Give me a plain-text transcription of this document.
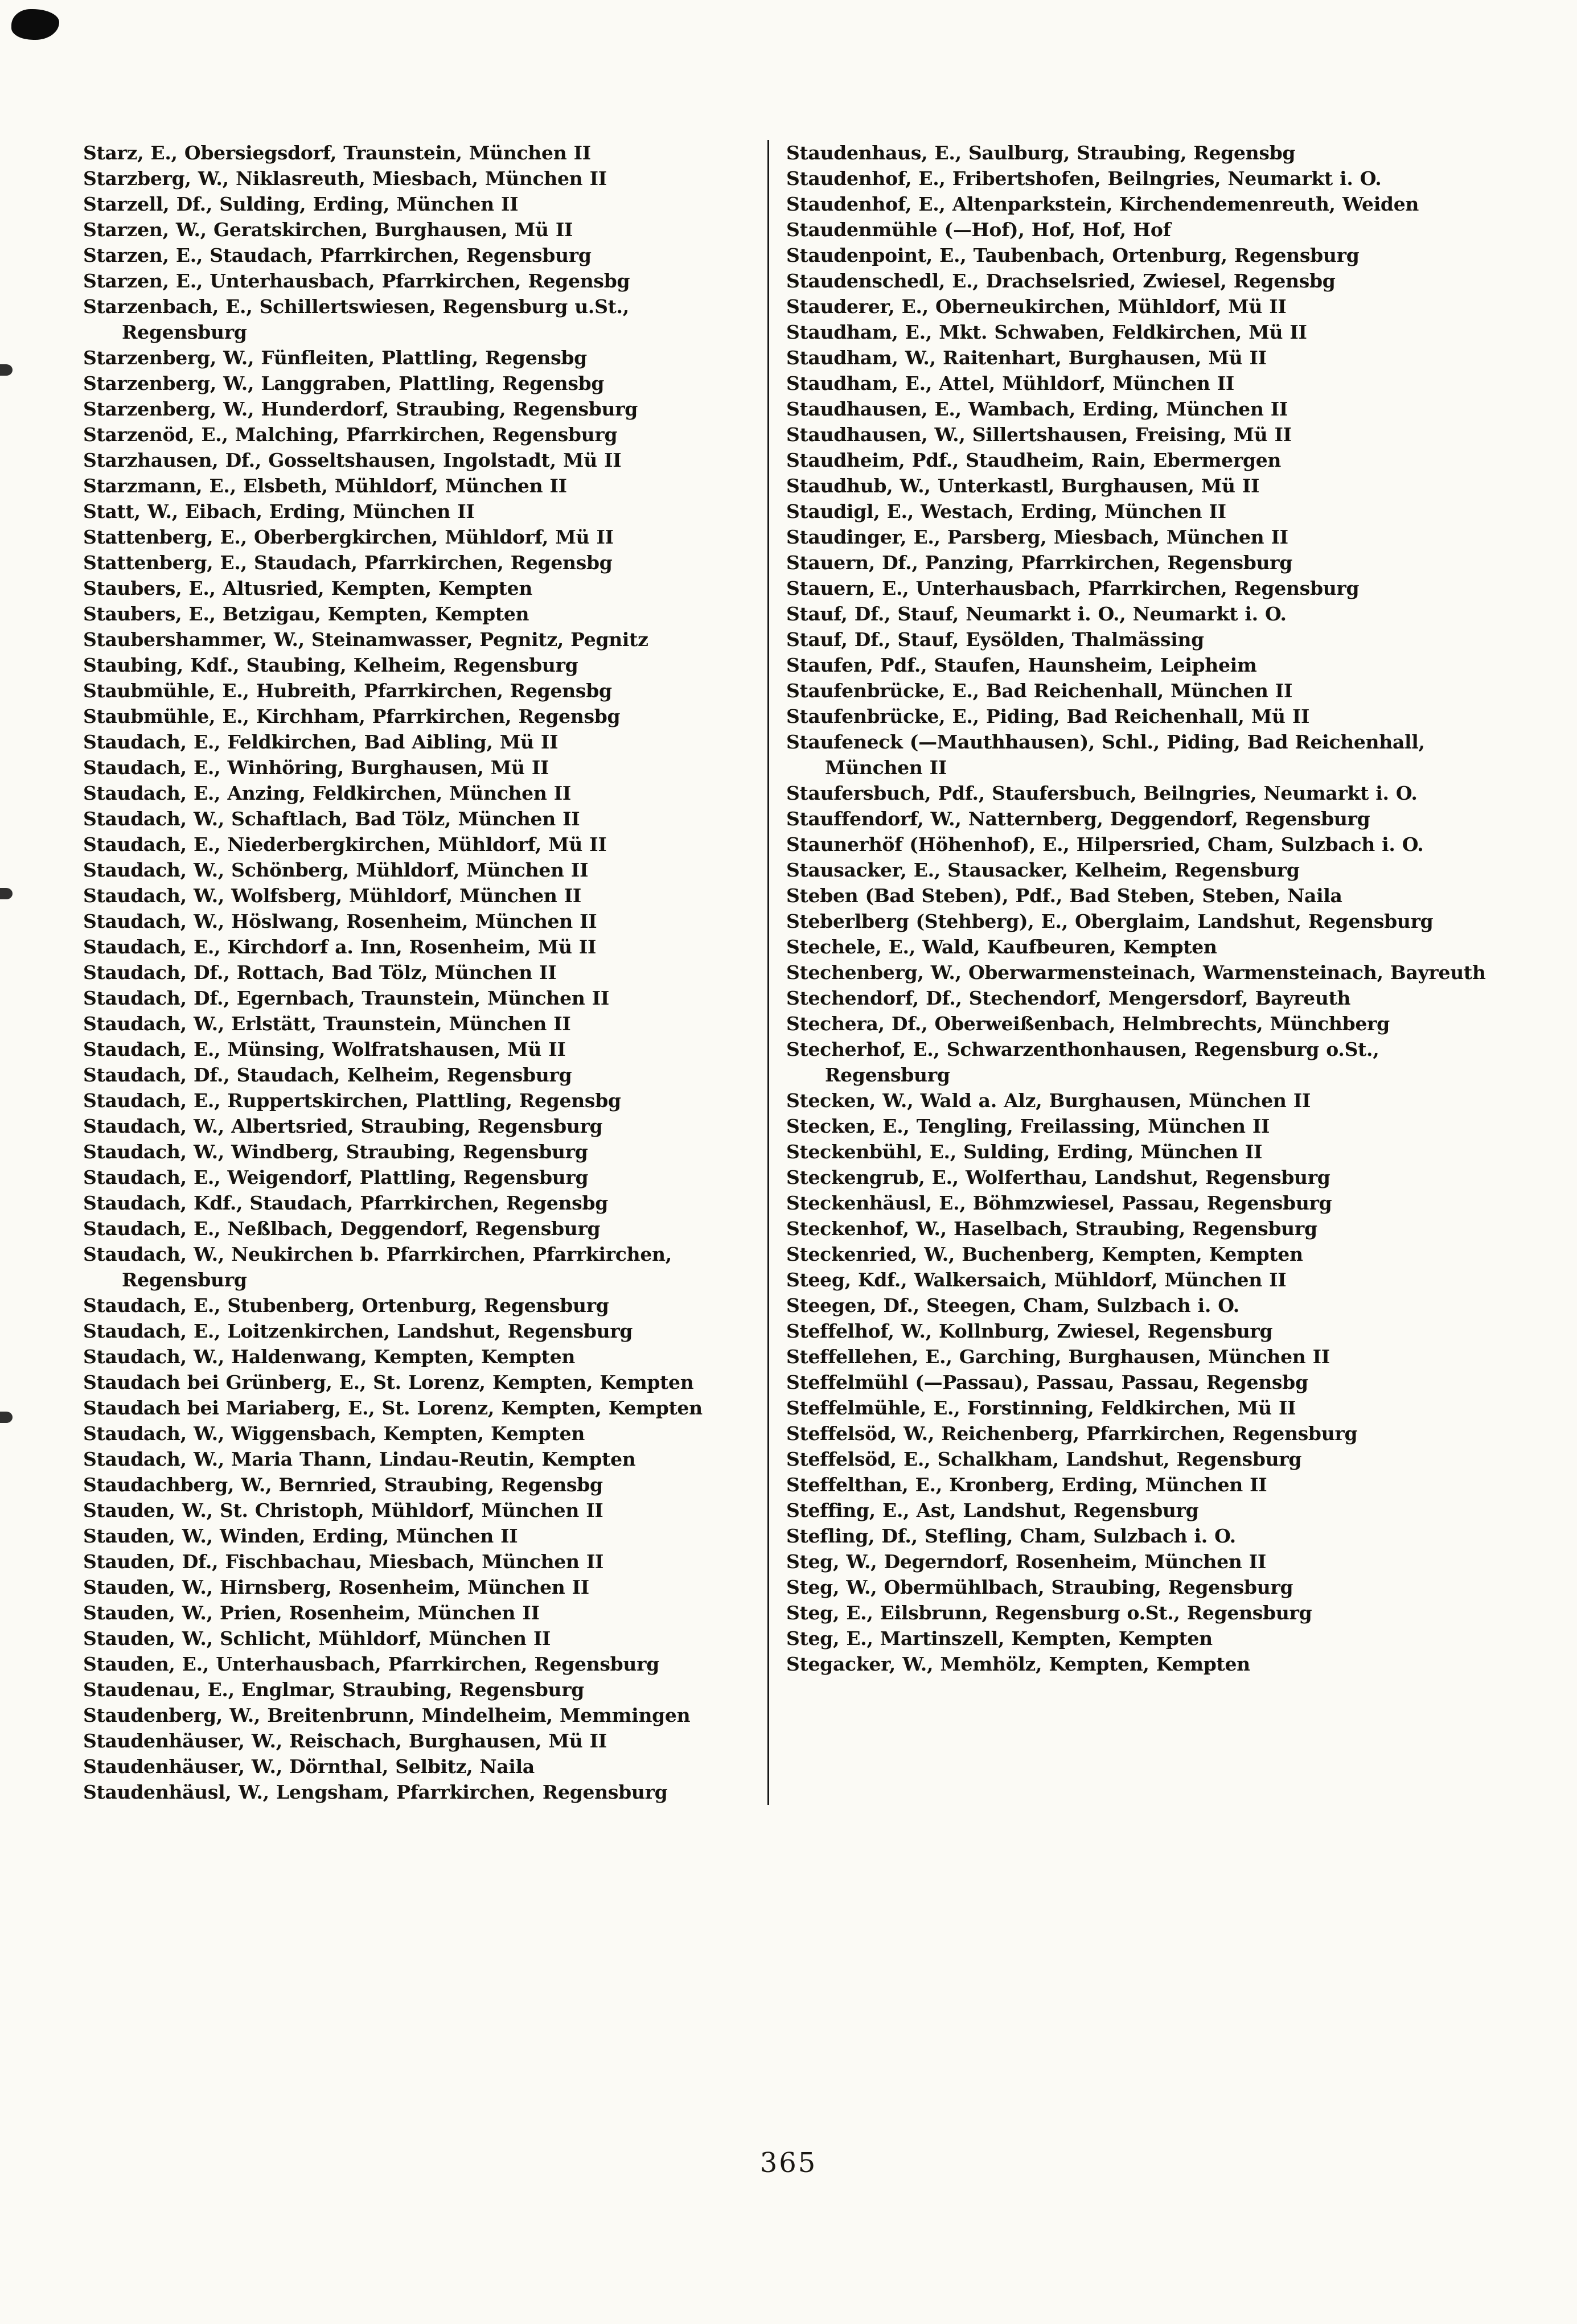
Starz, E., Obersiegsdorf, Traunstein, München II

Starzberg, W., Niklasreuth, Miesbach, München II

Starzell, Df., Sulding, Erding, München II

Starzen, W., Geratskirchen, Burghausen, Mü II

Starzen, E., Staudach, Pfarrkirchen, Regensburg

Starzen, E., Unterhausbach, Pfarrkirchen, Regensbg

Starzenbach, E., Schillertswiesen, Regensburg u.St., Regensburg

Starzenberg, W., Fünfleiten, Plattling, Regensbg

Starzenberg, W., Langgraben, Plattling, Regensbg

Starzenberg, W., Hunderdorf, Straubing, Regensburg

Starzenöd, E., Malching, Pfarrkirchen, Regensburg

Starzhausen, Df., Gosseltshausen, Ingolstadt, Mü II

Starzmann, E., Elsbeth, Mühldorf, München II

Statt, W., Eibach, Erding, München II

Stattenberg, E., Oberbergkirchen, Mühldorf, Mü II

Stattenberg, E., Staudach, Pfarrkirchen, Regensbg

Staubers, E., Altusried, Kempten, Kempten

Staubers, E., Betzigau, Kempten, Kempten

Staubershammer, W., Steinamwasser, Pegnitz, Pegnitz

Staubing, Kdf., Staubing, Kelheim, Regensburg

Staubmühle, E., Hubreith, Pfarrkirchen, Regensbg

Staubmühle, E., Kirchham, Pfarrkirchen, Regensbg

Staudach, E., Feldkirchen, Bad Aibling, Mü II

Staudach, E., Winhöring, Burghausen, Mü II

Staudach, E., Anzing, Feldkirchen, München II

Staudach, W., Schaftlach, Bad Tölz, München II

Staudach, E., Niederbergkirchen, Mühldorf, Mü II

Staudach, W., Schönberg, Mühldorf, München II

Staudach, W., Wolfsberg, Mühldorf, München II

Staudach, W., Höslwang, Rosenheim, München II

Staudach, E., Kirchdorf a. Inn, Rosenheim, Mü II

Staudach, Df., Rottach, Bad Tölz, München II

Staudach, Df., Egernbach, Traunstein, München II

Staudach, W., Erlstätt, Traunstein, München II

Staudach, E., Münsing, Wolfratshausen, Mü II

Staudach, Df., Staudach, Kelheim, Regensburg

Staudach, E., Ruppertskirchen, Plattling, Regensbg

Staudach, W., Albertsried, Straubing, Regensburg

Staudach, W., Windberg, Straubing, Regensburg

Staudach, E., Weigendorf, Plattling, Regensburg

Staudach, Kdf., Staudach, Pfarrkirchen, Regensbg

Staudach, E., Neßlbach, Deggendorf, Regensburg

Staudach, W., Neukirchen b. Pfarrkirchen, Pfarrkirchen, Regensburg

Staudach, E., Stubenberg, Ortenburg, Regensburg

Staudach, E., Loitzenkirchen, Landshut, Regensburg

Staudach, W., Haldenwang, Kempten, Kempten

Staudach bei Grünberg, E., St. Lorenz, Kempten, Kempten

Staudach bei Mariaberg, E., St. Lorenz, Kempten, Kempten

Staudach, W., Wiggensbach, Kempten, Kempten

Staudach, W., Maria Thann, Lindau-Reutin, Kempten

Staudachberg, W., Bernried, Straubing, Regensbg

Stauden, W., St. Christoph, Mühldorf, München II

Stauden, W., Winden, Erding, München II

Stauden, Df., Fischbachau, Miesbach, München II

Stauden, W., Hirnsberg, Rosenheim, München II

Stauden, W., Prien, Rosenheim, München II

Stauden, W., Schlicht, Mühldorf, München II

Stauden, E., Unterhausbach, Pfarrkirchen, Regensburg

Staudenau, E., Englmar, Straubing, Regensburg

Staudenberg, W., Breitenbrunn, Mindelheim, Memmingen

Staudenhäuser, W., Reischach, Burghausen, Mü II

Staudenhäuser, W., Dörnthal, Selbitz, Naila

Staudenhäusl, W., Lengsham, Pfarrkirchen, Regensburg

Staudenhaus, E., Saulburg, Straubing, Regensbg

Staudenhof, E., Fribertshofen, Beilngries, Neumarkt i. O.

Staudenhof, E., Altenparkstein, Kirchendemenreuth, Weiden

Staudenmühle (—Hof), Hof, Hof, Hof

Staudenpoint, E., Taubenbach, Ortenburg, Regensburg

Staudenschedl, E., Drachselsried, Zwiesel, Regensbg

Stauderer, E., Oberneukirchen, Mühldorf, Mü II

Staudham, E., Mkt. Schwaben, Feldkirchen, Mü II

Staudham, W., Raitenhart, Burghausen, Mü II

Staudham, E., Attel, Mühldorf, München II

Staudhausen, E., Wambach, Erding, München II

Staudhausen, W., Sillertshausen, Freising, Mü II

Staudheim, Pdf., Staudheim, Rain, Ebermergen

Staudhub, W., Unterkastl, Burghausen, Mü II

Staudigl, E., Westach, Erding, München II

Staudinger, E., Parsberg, Miesbach, München II

Stauern, Df., Panzing, Pfarrkirchen, Regensburg

Stauern, E., Unterhausbach, Pfarrkirchen, Regensburg

Stauf, Df., Stauf, Neumarkt i. O., Neumarkt i. O.

Stauf, Df., Stauf, Eysölden, Thalmässing

Staufen, Pdf., Staufen, Haunsheim, Leipheim

Staufenbrücke, E., Bad Reichenhall, München II

Staufenbrücke, E., Piding, Bad Reichenhall, Mü II

Staufeneck (—Mauthhausen), Schl., Piding, Bad Reichenhall, München II

Staufersbuch, Pdf., Staufersbuch, Beilngries, Neumarkt i. O.

Stauffendorf, W., Natternberg, Deggendorf, Regensburg

Staunerhöf (Höhenhof), E., Hilpersried, Cham, Sulzbach i. O.

Stausacker, E., Stausacker, Kelheim, Regensburg

Steben (Bad Steben), Pdf., Bad Steben, Steben, Naila

Steberlberg (Stehberg), E., Oberglaim, Landshut, Regensburg

Stechele, E., Wald, Kaufbeuren, Kempten

Stechenberg, W., Oberwarmensteinach, Warmensteinach, Bayreuth

Stechendorf, Df., Stechendorf, Mengersdorf, Bayreuth

Stechera, Df., Oberweißenbach, Helmbrechts, Münchberg

Stecherhof, E., Schwarzenthonhausen, Regensburg o.St., Regensburg

Stecken, W., Wald a. Alz, Burghausen, München II

Stecken, E., Tengling, Freilassing, München II

Steckenbühl, E., Sulding, Erding, München II

Steckengrub, E., Wolferthau, Landshut, Regensburg

Steckenhäusl, E., Böhmzwiesel, Passau, Regensburg

Steckenhof, W., Haselbach, Straubing, Regensburg

Steckenried, W., Buchenberg, Kempten, Kempten

Steeg, Kdf., Walkersaich, Mühldorf, München II

Steegen, Df., Steegen, Cham, Sulzbach i. O.

Steffelhof, W., Kollnburg, Zwiesel, Regensburg

Steffellehen, E., Garching, Burghausen, München II

Steffelmühl (—Passau), Passau, Passau, Regensbg

Steffelmühle, E., Forstinning, Feldkirchen, Mü II

Steffelsöd, W., Reichenberg, Pfarrkirchen, Regensburg

Steffelsöd, E., Schalkham, Landshut, Regensburg

Steffelthan, E., Kronberg, Erding, München II

Steffing, E., Ast, Landshut, Regensburg

Stefling, Df., Stefling, Cham, Sulzbach i. O.

Steg, W., Degerndorf, Rosenheim, München II

Steg, W., Obermühlbach, Straubing, Regensburg

Steg, E., Eilsbrunn, Regensburg o.St., Regensburg

Steg, E., Martinszell, Kempten, Kempten

Stegacker, W., Memhölz, Kempten, Kempten

365
